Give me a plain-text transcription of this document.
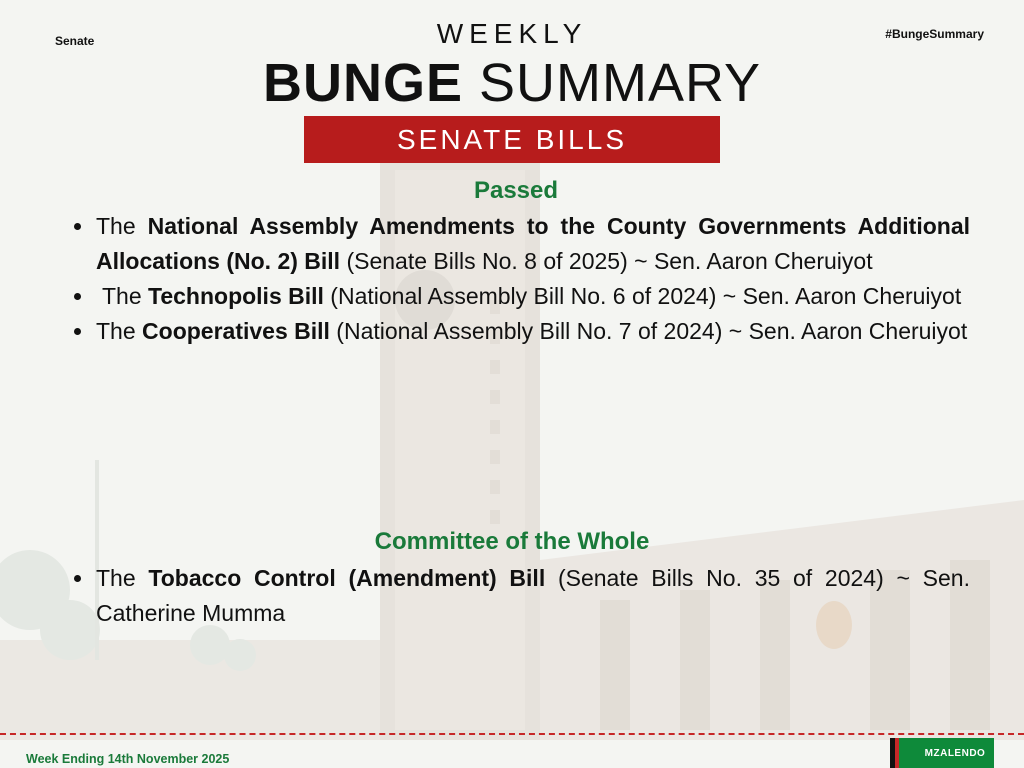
Senate	#BungeSummary
WEEKLY
BUNGE SUMMARY
SENATE BILLS
Passed
The National Assembly Amendments to the County Governments Additional Allocations (No. 2) Bill (Senate Bills No. 8 of 2025) ~ Sen. Aaron Cheruiyot
The Technopolis Bill (National Assembly Bill No. 6 of 2024) ~ Sen. Aaron Cheruiyot
The Cooperatives Bill (National Assembly Bill No. 7 of 2024) ~ Sen. Aaron Cheruiyot
Committee of the Whole
The Tobacco Control (Amendment) Bill (Senate Bills No. 35 of 2024) ~ Sen. Catherine Mumma
Week Ending 14th November 2025	MZALENDO
